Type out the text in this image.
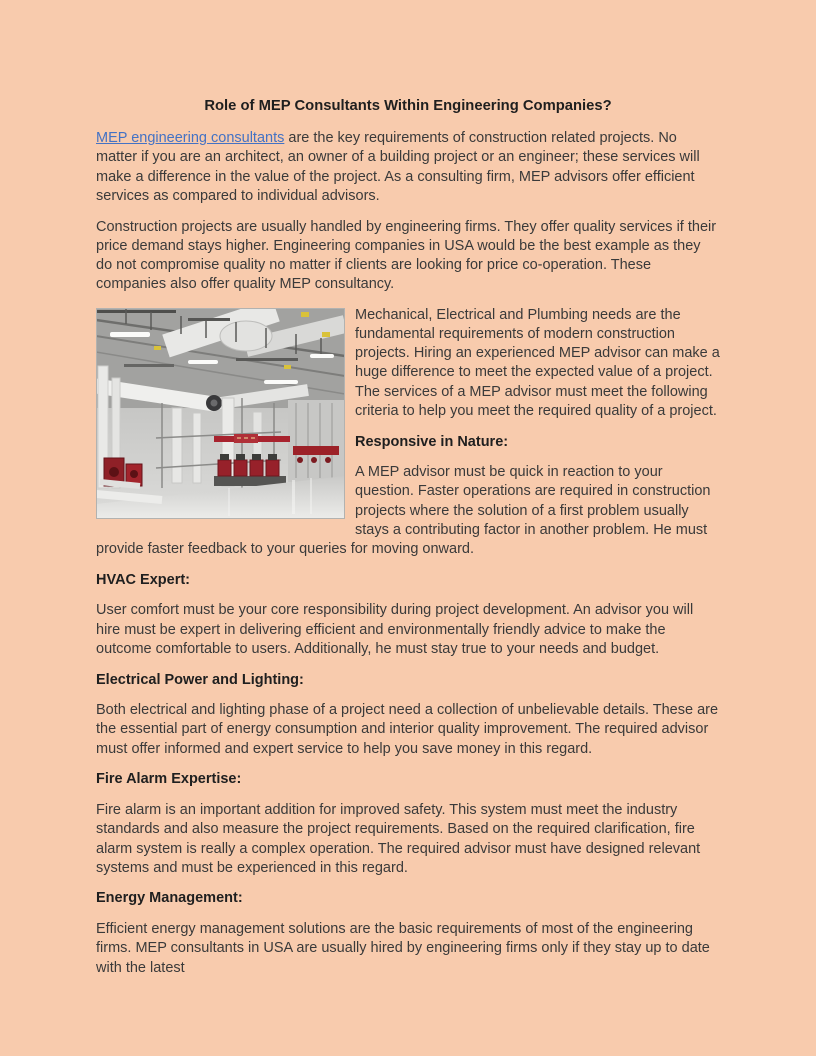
Role of MEP Consultants Within Engineering Companies?

MEP engineering consultants are the key requirements of construction related projects. No matter if you are an architect, an owner of a building project or an engineer; these services will make a difference in the value of the project. As a consulting firm, MEP advisors offer efficient services as compared to individual advisors.

Construction projects are usually handled by engineering firms. They offer quality services if their price demand stays higher. Engineering companies in USA would be the best example as they do not compromise quality no matter if clients are looking for price co-operation. These companies also offer quality MEP consultancy.

Mechanical, Electrical and Plumbing needs are the fundamental requirements of modern construction projects. Hiring an experienced MEP advisor can make a huge difference to meet the expected value of a project. The services of a MEP advisor must meet the following criteria to help you meet the required quality of a project.

Responsive in Nature:

A MEP advisor must be quick in reaction to your question. Faster operations are required in construction projects where the solution of a first problem usually stays a contributing factor in another problem. He must provide faster feedback to your queries for moving onward.

HVAC Expert:

User comfort must be your core responsibility during project development. An advisor you will hire must be expert in delivering efficient and environmentally friendly advice to make the outcome comfortable to users. Additionally, he must stay true to your needs and budget.

Electrical Power and Lighting:

Both electrical and lighting phase of a project need a collection of unbelievable details. These are the essential part of energy consumption and interior quality improvement. The required advisor must offer informed and expert service to help you save money in this regard.

Fire Alarm Expertise:

Fire alarm is an important addition for improved safety. This system must meet the industry standards and also measure the project requirements. Based on the required clarification, fire alarm system is really a complex operation. The required advisor must have designed relevant systems and must be experienced in this regard.

Energy Management:

Efficient energy management solutions are the basic requirements of most of the engineering firms. MEP consultants in USA are usually hired by engineering firms only if they stay up to date with the latest
